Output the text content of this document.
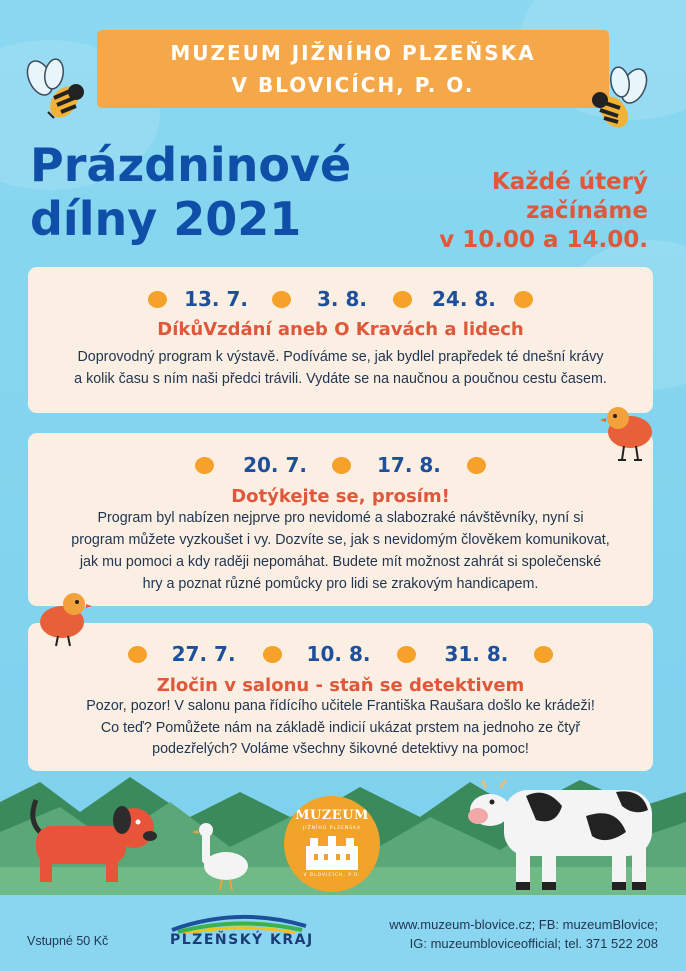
MUZEUM JIŽNÍHO PLZEŇSKA
V BLOVICÍCH, P. O.
Prázdninové
dílny 2021
Každé úterý
začínáme
v 10.00 a 14.00.
13. 7.	3. 8.	24. 8.
DíkůVzdání aneb O Kravách a lidech
Doprovodný program k výstavě. Podíváme se, jak bydlel prapředek té dnešní krávy
a kolik času s ním naši předci trávili. Vydáte se na naučnou a poučnou cestu časem.
20. 7.	17. 8.
Dotýkejte se, prosím!
Program byl nabízen nejprve pro nevidomé a slabozraké návštěvníky, nyní si
program můžete vyzkoušet i vy. Dozvíte se, jak s nevidomým člověkem komunikovat,
jak mu pomoci a kdy raději nepomáhat. Budete mít možnost zahrát si společenské
hry a poznat různé pomůcky pro lidi se zrakovým handicapem.
27. 7.	10. 8.	31. 8.
Zločin v salonu - staň se detektivem
Pozor, pozor! V salonu pana řídícího učitele Františka Raušara došlo ke krádeži!
Co teď? Pomůžete nám na základě indicií ukázat prstem na jednoho ze čtyř
podezřelých? Voláme všechny šikovné detektivy na pomoc!
MUZEUM
JIŽNÍHO PLZEŇSKA
V BLOVICÍCH, P.O.
Vstupné 50 Kč	PLZEŇSKÝ KRAJ
www.muzeum-blovice.cz; FB: muzeumBlovice;
IG: muzeumbloviceofficial; tel. 371 522 208
